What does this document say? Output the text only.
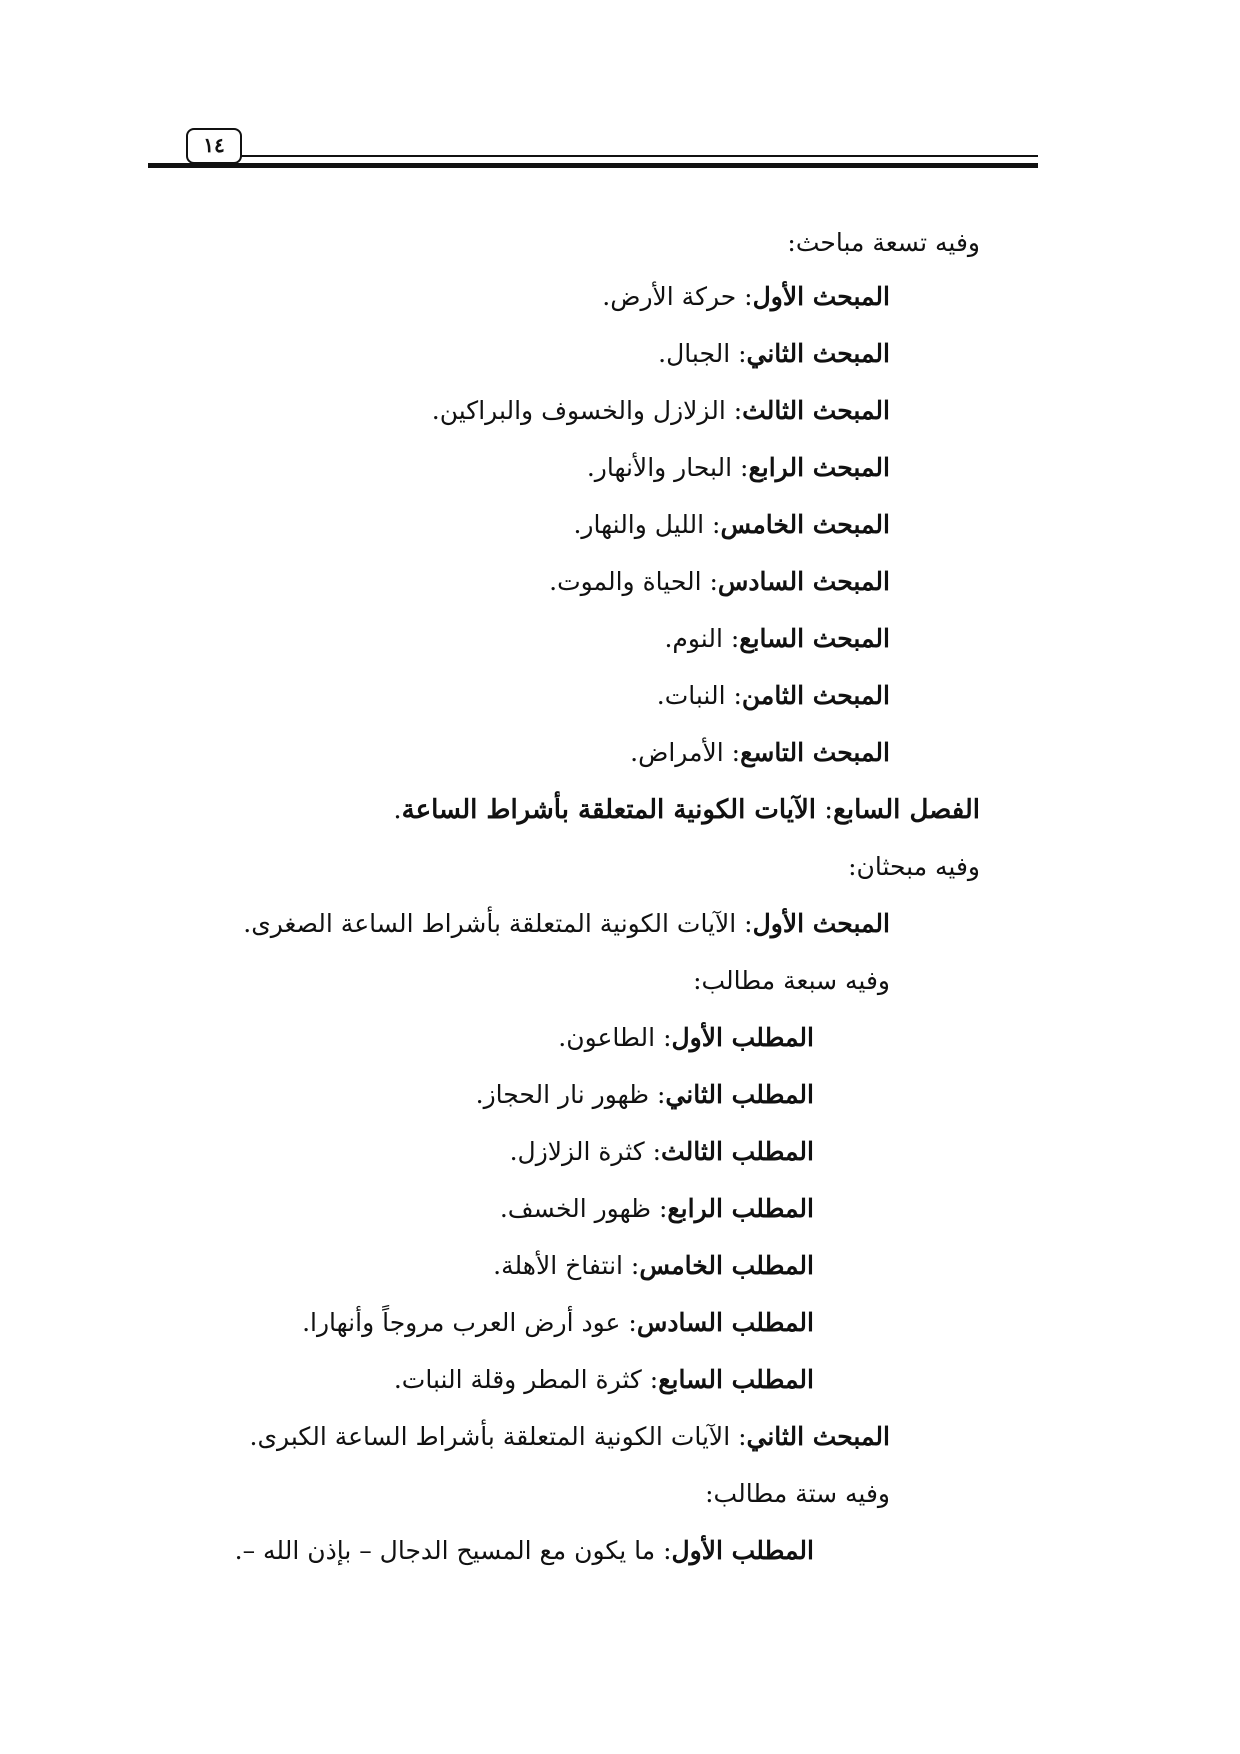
١٤
وفيه تسعة مباحث:
المبحث الأول: حركة الأرض.
المبحث الثاني: الجبال.
المبحث الثالث: الزلازل والخسوف والبراكين.
المبحث الرابع: البحار والأنهار.
المبحث الخامس: الليل والنهار.
المبحث السادس: الحياة والموت.
المبحث السابع: النوم.
المبحث الثامن: النبات.
المبحث التاسع: الأمراض.
الفصل السابع: الآيات الكونية المتعلقة بأشراط الساعة.
وفيه مبحثان:
المبحث الأول: الآيات الكونية المتعلقة بأشراط الساعة الصغرى.
وفيه سبعة مطالب:
المطلب الأول: الطاعون.
المطلب الثاني: ظهور نار الحجاز.
المطلب الثالث: كثرة الزلازل.
المطلب الرابع: ظهور الخسف.
المطلب الخامس: انتفاخ الأهلة.
المطلب السادس: عود أرض العرب مروجاً وأنهارا.
المطلب السابع: كثرة المطر وقلة النبات.
المبحث الثاني: الآيات الكونية المتعلقة بأشراط الساعة الكبرى.
وفيه ستة مطالب:
المطلب الأول: ما يكون مع المسيح الدجال – بإذن الله –.
